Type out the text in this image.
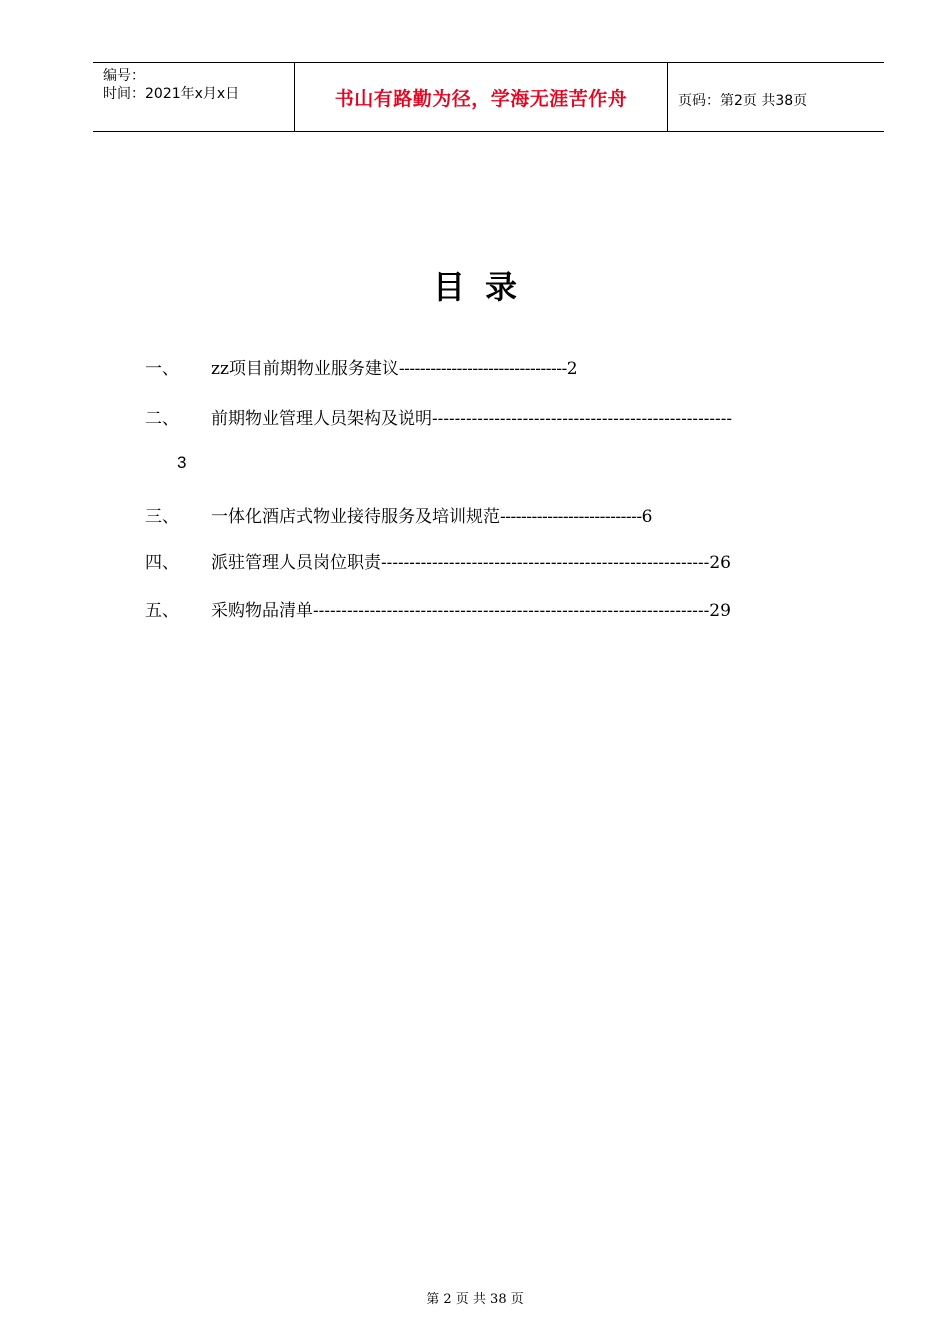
编号：
时间：2021年x月x日	书山有路勤为径，学海无涯苦作舟	页码：第2页 共38页
目录
一、 zz项目前期物业服务建议--------------------------------2
二、 前期物业管理人员架构及说明-----------------------------------------------------
3
三、 一体化酒店式物业接待服务及培训规范---------------------------6
四、 派驻管理人员岗位职责----------------------------------------------------------26
五、 采购物品清单----------------------------------------------------------------------29
第 2 页 共 38 页
